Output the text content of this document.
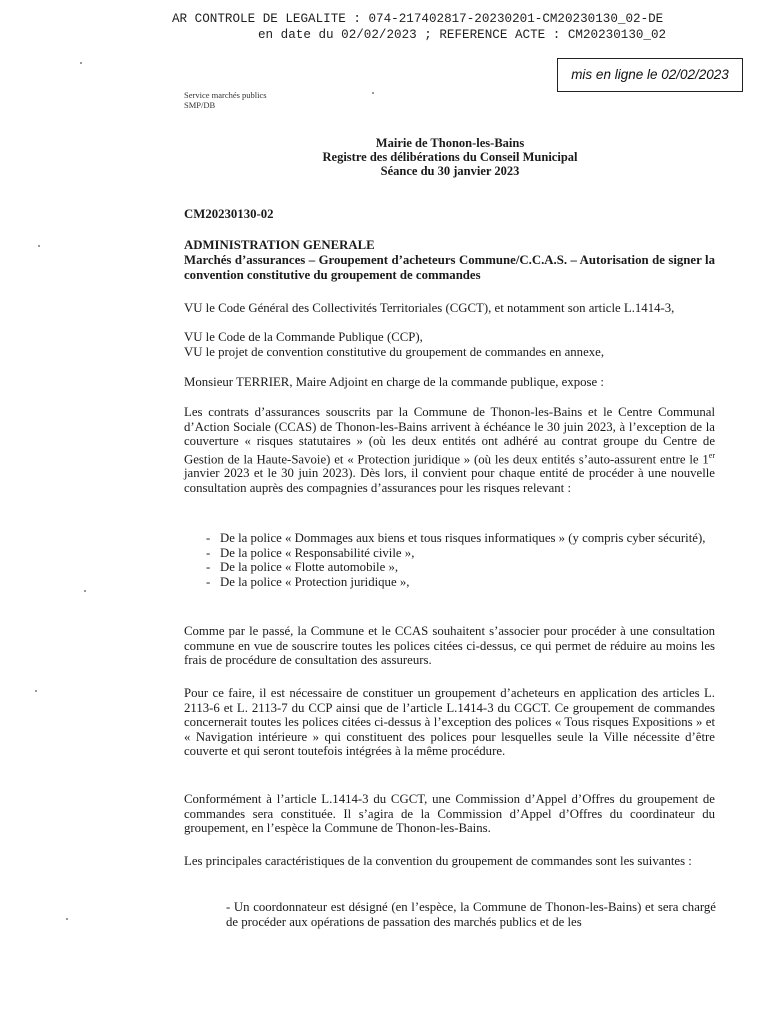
AR CONTROLE DE LEGALITE : 074-217402817-20230201-CM20230130_02-DE
en date du 02/02/2023 ; REFERENCE ACTE : CM20230130_02
mis en ligne le 02/02/2023
Service marchés publics
SMP/DB
Mairie de Thonon-les-Bains
Registre des délibérations du Conseil Municipal
Séance du 30 janvier 2023
CM20230130-02
ADMINISTRATION GENERALE
Marchés d’assurances – Groupement d’acheteurs Commune/C.C.A.S. – Autorisation de signer la convention constitutive du groupement de commandes
VU le Code Général des Collectivités Territoriales (CGCT), et notamment son article L.1414-3,
VU le Code de la Commande Publique (CCP),
VU le projet de convention constitutive du groupement de commandes en annexe,
Monsieur TERRIER, Maire Adjoint en charge de la commande publique, expose :
Les contrats d’assurances souscrits par la Commune de Thonon-les-Bains et le Centre Communal d’Action Sociale (CCAS) de Thonon-les-Bains arrivent à échéance le 30 juin 2023, à l’exception de la couverture « risques statutaires » (où les deux entités ont adhéré au contrat groupe du Centre de Gestion de la Haute-Savoie) et « Protection juridique » (où les deux entités s’auto-assurent entre le 1er janvier 2023 et le 30 juin 2023). Dès lors, il convient pour chaque entité de procéder à une nouvelle consultation auprès des compagnies d’assurances pour les risques relevant :
- De la police « Dommages aux biens et tous risques informatiques » (y compris cyber sécurité),
- De la police « Responsabilité civile »,
- De la police « Flotte automobile »,
- De la police « Protection juridique »,
Comme par le passé, la Commune et le CCAS souhaitent s’associer pour procéder à une consultation commune en vue de souscrire toutes les polices citées ci-dessus, ce qui permet de réduire au moins les frais de procédure de consultation des assureurs.
Pour ce faire, il est nécessaire de constituer un groupement d’acheteurs en application des articles L. 2113-6 et L. 2113-7 du CCP ainsi que de l’article L.1414-3 du CGCT. Ce groupement de commandes concernerait toutes les polices citées ci-dessus à l’exception des polices « Tous risques Expositions » et « Navigation intérieure » qui constituent des polices pour lesquelles seule la Ville nécessite d’être couverte et qui seront toutefois intégrées à la même procédure.
Conformément à l’article L.1414-3 du CGCT, une Commission d’Appel d’Offres du groupement de commandes sera constituée. Il s’agira de la Commission d’Appel d’Offres du coordinateur du groupement, en l’espèce la Commune de Thonon-les-Bains.
Les principales caractéristiques de la convention du groupement de commandes sont les suivantes :
- Un coordonnateur est désigné (en l’espèce, la Commune de Thonon-les-Bains) et sera chargé de procéder aux opérations de passation des marchés publics et de les
